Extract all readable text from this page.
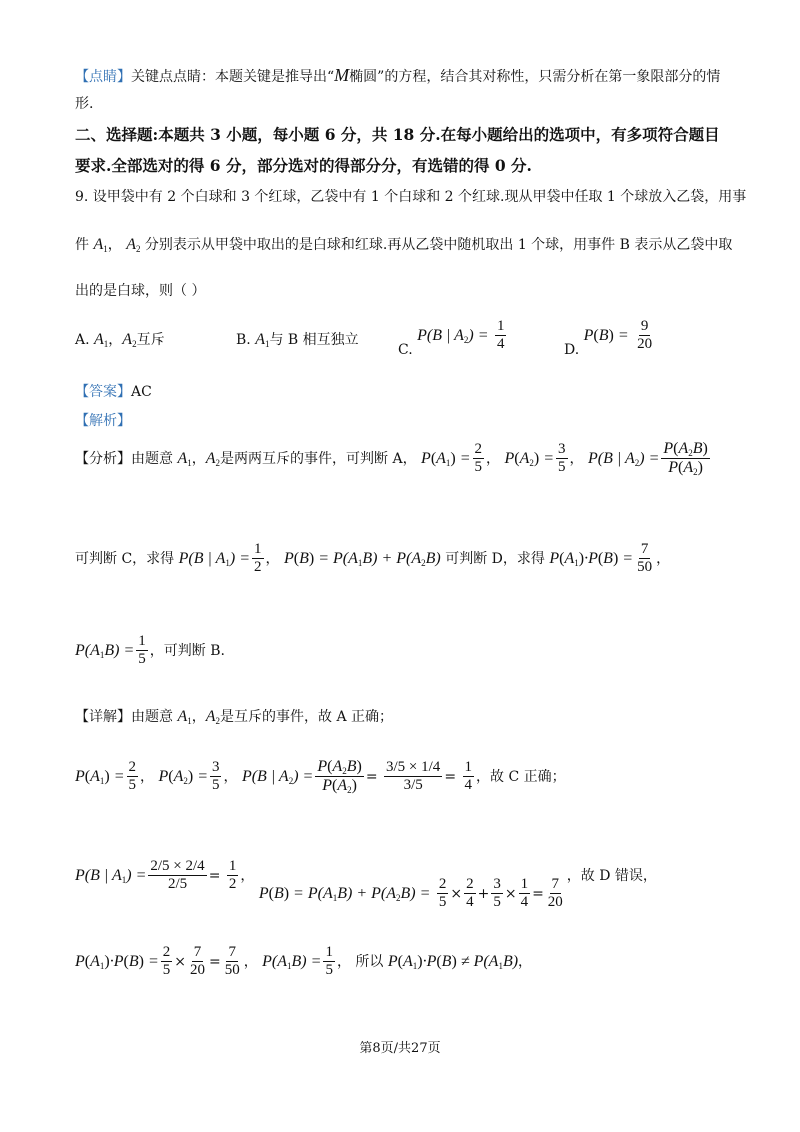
【点睛】关键点点睛：本题关键是推导出“M椭圆”的方程，结合其对称性，只需分析在第一象限部分的情
形.
二、选择题:本题共 3 小题，每小题 6 分，共 18 分.在每小题给出的选项中，有多项符合题目
要求.全部选对的得 6 分，部分选对的得部分分，有选错的得 0 分.
9. 设甲袋中有 2 个白球和 3 个红球，乙袋中有 1 个白球和 2 个红球.现从甲袋中任取 1 个球放入乙袋，用事
件 $A_1$， $A_2$ 分别表示从甲袋中取出的是白球和红球.再从乙袋中随机取出 1 个球，用事件 B 表示从乙袋中取
出的是白球，则（ ）
A. $A_1$，$A_2$互斥	B. $A_1$与 B 相互独立
C. P(B | $A_2) = \frac{1}{4}$	D. $P(B) = \frac{9}{20}$
【答案】AC
【解析】
【分析】由题意 $A_1$，$A_2$是两两互斥的事件，可判断 A， $P(A_1) = \frac{2}{5}$ ， $P(A_2) = \frac{3}{5}$ ， P(B | $A_2) = \frac{P(A_2B)}{P(A_2)}$
可判断 C，求得 P(B | $A_1) = \frac{1}{2}$ ， $P(B) = P(A_1B) + P(A_2B)$ 可判断 D，求得 $P(A_1)\cdot P(B) = \frac{7}{50}$ ，
$P(A_1B) = \frac{1}{5}$ ，可判断 B.
【详解】由题意 $A_1$，$A_2$是互斥的事件，故 A 正确；
$P(A_1) = \frac{2}{5}$ ， $P(A_2) = \frac{3}{5}$ ， P(B | $A_2) = \frac{P(A_2B)}{P(A_2)} = \frac{3/5 \times 1/4}{3/5} = \frac{1}{4}$ ，故 C 正确；
P(B | $A_1) = \frac{2/5 \times 2/4}{2/5} = \frac{1}{2}$ ， $P(B) = P(A_1B) + P(A_2B) = \frac{2}{5} \times \frac{2}{4} + \frac{3}{5} \times \frac{1}{4} = \frac{7}{20}$
，故 D 错误，
$P(A_1)\cdot P(B) = \frac{2}{5} \times \frac{7}{20} = \frac{7}{50}$ ， $P(A_1B) = \frac{1}{5}$ ， 所以 $P(A_1)\cdot P(B) \ne P(A_1B)$，
第8页/共27页
